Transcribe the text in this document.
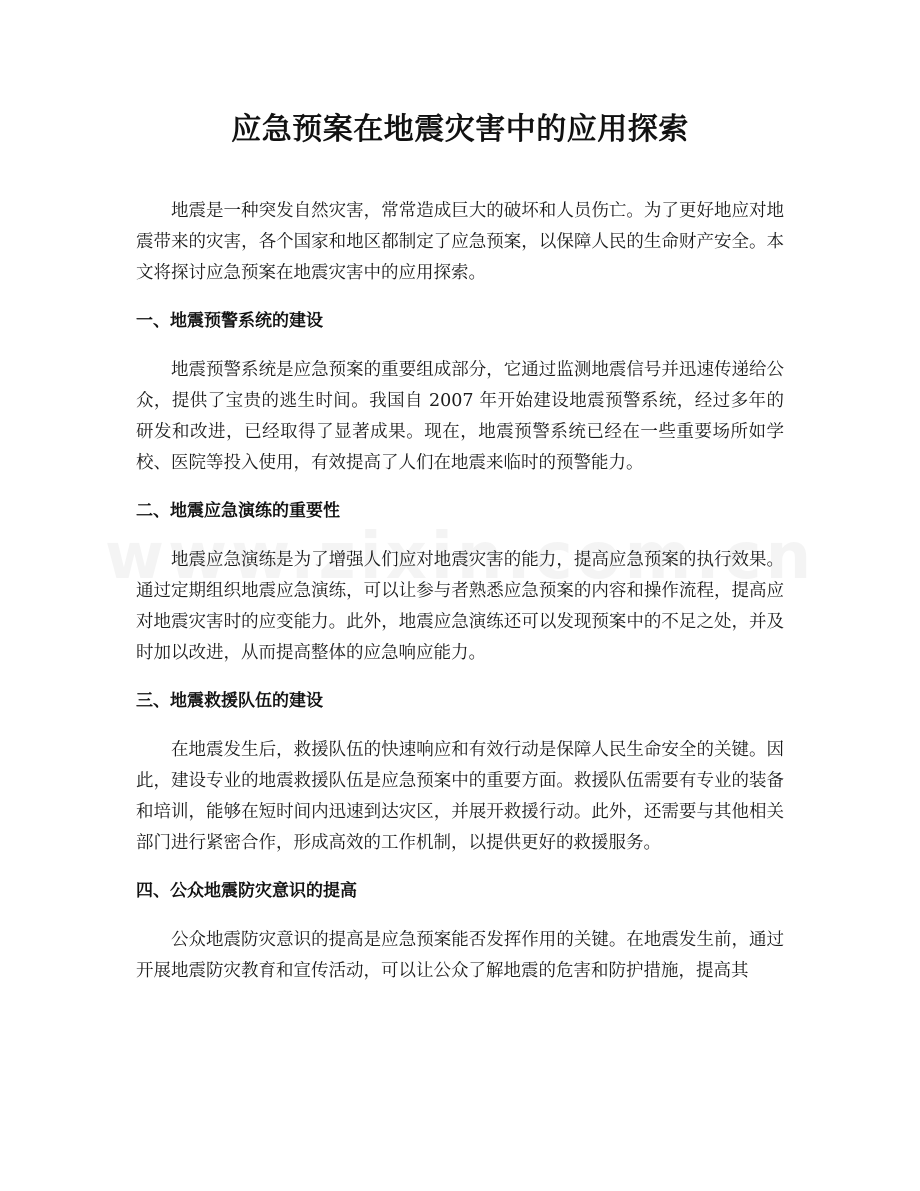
应急预案在地震灾害中的应用探索

地震是一种突发自然灾害，常常造成巨大的破坏和人员伤亡。为了更好地应对地震带来的灾害，各个国家和地区都制定了应急预案，以保障人民的生命财产安全。本文将探讨应急预案在地震灾害中的应用探索。

一、地震预警系统的建设

地震预警系统是应急预案的重要组成部分，它通过监测地震信号并迅速传递给公众，提供了宝贵的逃生时间。我国自 2007 年开始建设地震预警系统，经过多年的研发和改进，已经取得了显著成果。现在，地震预警系统已经在一些重要场所如学校、医院等投入使用，有效提高了人们在地震来临时的预警能力。

二、地震应急演练的重要性

地震应急演练是为了增强人们应对地震灾害的能力，提高应急预案的执行效果。通过定期组织地震应急演练，可以让参与者熟悉应急预案的内容和操作流程，提高应对地震灾害时的应变能力。此外，地震应急演练还可以发现预案中的不足之处，并及时加以改进，从而提高整体的应急响应能力。

三、地震救援队伍的建设

在地震发生后，救援队伍的快速响应和有效行动是保障人民生命安全的关键。因此，建设专业的地震救援队伍是应急预案中的重要方面。救援队伍需要有专业的装备和培训，能够在短时间内迅速到达灾区，并展开救援行动。此外，还需要与其他相关部门进行紧密合作，形成高效的工作机制，以提供更好的救援服务。

四、公众地震防灾意识的提高

公众地震防灾意识的提高是应急预案能否发挥作用的关键。在地震发生前，通过开展地震防灾教育和宣传活动，可以让公众了解地震的危害和防护措施，提高其
